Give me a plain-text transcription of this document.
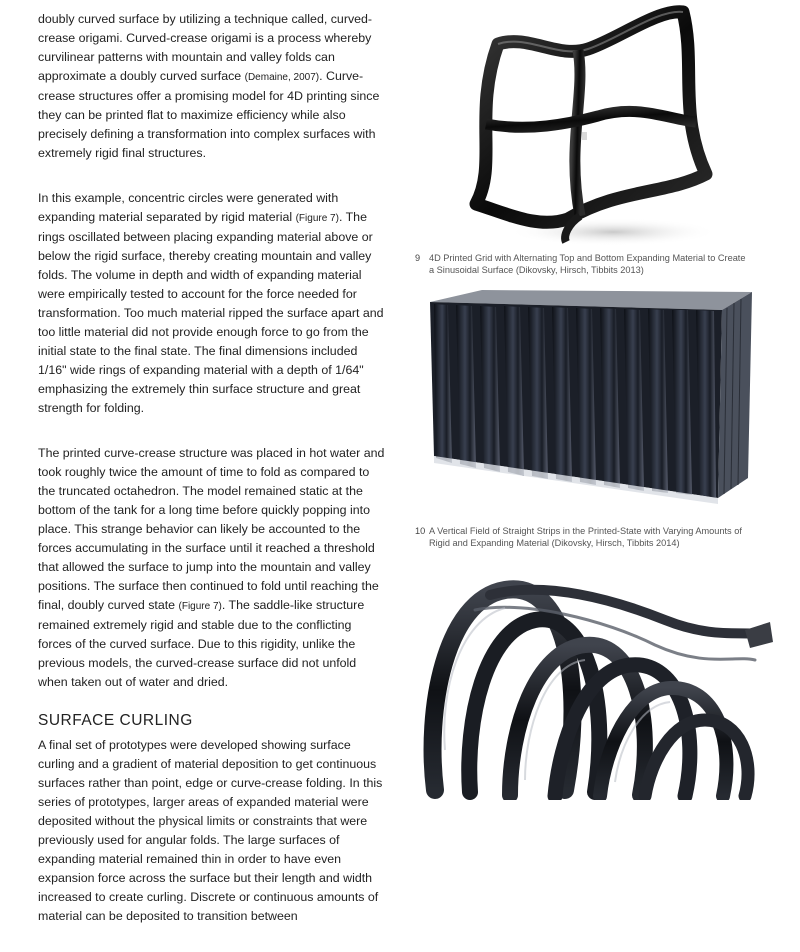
doubly curved surface by utilizing a technique called, curved-crease origami. Curved-crease origami is a process whereby curvilinear patterns with mountain and valley folds can approximate a doubly curved surface (Demaine, 2007). Curve-crease structures offer a promising model for 4D printing since they can be printed flat to maximize efficiency while also precisely defining a transformation into complex surfaces with extremely rigid final structures.

In this example, concentric circles were generated with expanding material separated by rigid material (Figure 7). The rings oscillated between placing expanding material above or below the rigid surface, thereby creating mountain and valley folds. The volume in depth and width of expanding material were empirically tested to account for the force needed for transformation. Too much material ripped the surface apart and too little material did not provide enough force to go from the initial state to the final state. The final dimensions included 1/16" wide rings of expanding material with a depth of 1/64" emphasizing the extremely thin surface structure and great strength for folding.

The printed curve-crease structure was placed in hot water and took roughly twice the amount of time to fold as compared to the truncated octahedron. The model remained static at the bottom of the tank for a long time before quickly popping into place. This strange behavior can likely be accounted to the forces accumulating in the surface until it reached a threshold that allowed the surface to jump into the mountain and valley positions. The surface then continued to fold until reaching the final, doubly curved state (Figure 7). The saddle-like structure remained extremely rigid and stable due to the conflicting forces of the curved surface. Due to this rigidity, unlike the previous models, the curved-crease surface did not unfold when taken out of water and dried.

SURFACE CURLING

A final set of prototypes were developed showing surface curling and a gradient of material deposition to get continuous surfaces rather than point, edge or curve-crease folding. In this series of prototypes, larger areas of expanded material were deposited without the physical limits or constraints that were previously used for angular folds. The large surfaces of expanding material remained thin in order to have even expansion force across the surface but their length and width increased to create curling. Discrete or continuous amounts of material can be deposited to transition between

9 4D Printed Grid with Alternating Top and Bottom Expanding Material to Create a Sinusoidal Surface (Dikovsky, Hirsch, Tibbits 2013)
10 A Vertical Field of Straight Strips in the Printed-State with Varying Amounts of Rigid and Expanding Material (Dikovsky, Hirsch, Tibbits 2014)
